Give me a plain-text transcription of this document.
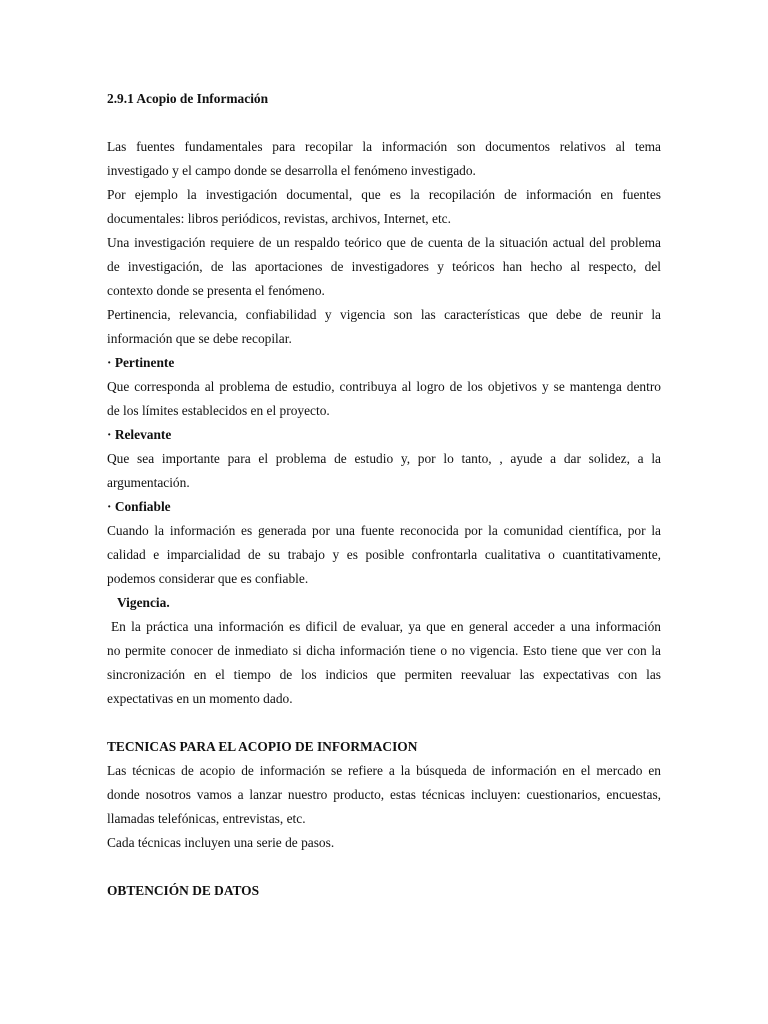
2.9.1 Acopio de Información

Las fuentes fundamentales para recopilar la información son documentos relativos al tema

investigado y el campo donde se desarrolla el fenómeno investigado.

Por ejemplo la investigación documental, que es la recopilación de información en fuentes

documentales: libros periódicos, revistas, archivos, Internet, etc.

Una investigación requiere de un respaldo teórico que de cuenta de la situación actual del problema

de investigación, de las aportaciones de investigadores y teóricos han hecho al respecto, del

contexto donde se presenta el fenómeno.

Pertinencia, relevancia, confiabilidad y vigencia son las características que debe de reunir la

información que se debe recopilar.

· Pertinente

Que corresponda al problema de estudio, contribuya al logro de los objetivos y se mantenga dentro

de los límites establecidos en el proyecto.

· Relevante

Que sea importante para el problema de estudio y, por lo tanto, , ayude a dar solidez, a la

argumentación.

· Confiable

Cuando la información es generada por una fuente reconocida por la comunidad científica, por la

calidad e imparcialidad de su trabajo y es posible confrontarla cualitativa o cuantitativamente,

podemos considerar que es confiable.

Vigencia.

En la práctica una información es dificil de evaluar, ya que en general acceder a una información

no permite conocer de inmediato si dicha información tiene o no vigencia. Esto tiene que ver con la

sincronización en el tiempo de los indicios que permiten reevaluar las expectativas con las

expectativas en un momento dado.

TECNICAS PARA EL ACOPIO DE INFORMACION

Las técnicas de acopio de información se refiere a la búsqueda de información en el mercado en

donde nosotros vamos a lanzar nuestro producto, estas técnicas incluyen: cuestionarios, encuestas,

llamadas telefónicas, entrevistas, etc.

Cada técnicas incluyen una serie de pasos.

OBTENCIÓN DE DATOS
